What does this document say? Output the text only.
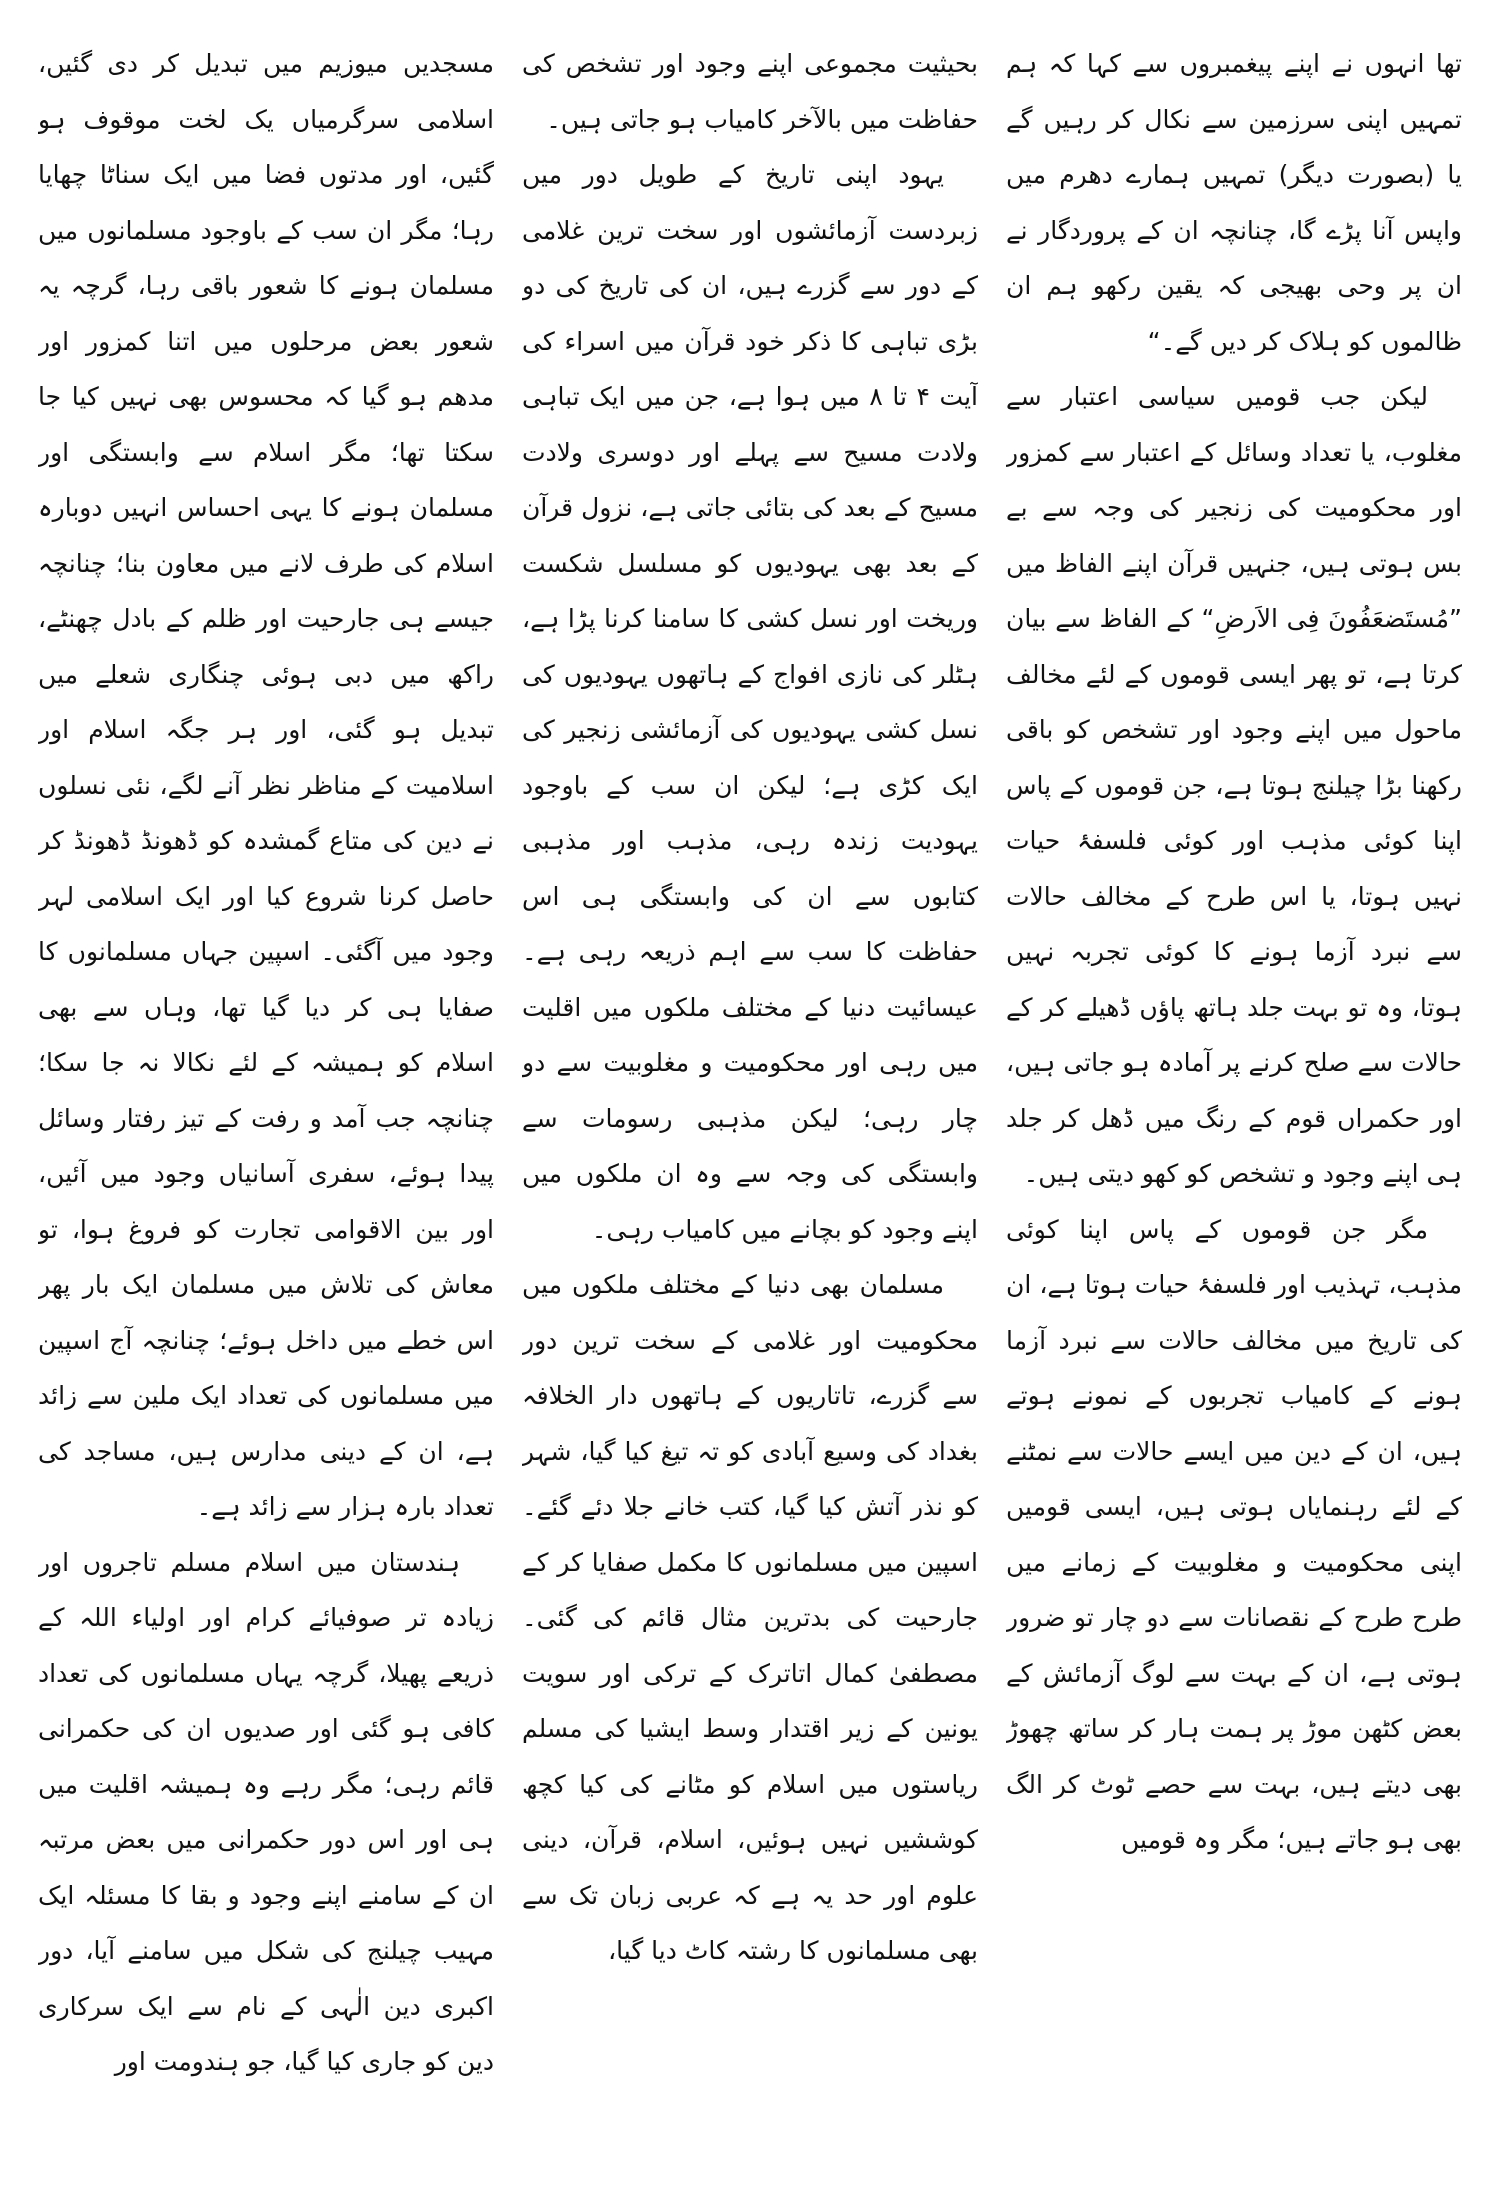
تھا انہوں نے اپنے پیغمبروں سے کہا کہ ہم تمہیں اپنی سرزمین سے نکال کر رہیں گے یا (بصورت دیگر) تمہیں ہمارے دھرم میں واپس آنا پڑے گا، چنانچہ ان کے پروردگار نے ان پر وحی بھیجی کہ یقین رکھو ہم ان ظالموں کو ہلاک کر دیں گے۔“

لیکن جب قومیں سیاسی اعتبار سے مغلوب، یا تعداد وسائل کے اعتبار سے کمزور اور محکومیت کی زنجیر کی وجہ سے بے بس ہوتی ہیں، جنہیں قرآن اپنے الفاظ میں ”مُستَضعَفُونَ فِی الاَرضِ“ کے الفاظ سے بیان کرتا ہے، تو پھر ایسی قوموں کے لئے مخالف ماحول میں اپنے وجود اور تشخص کو باقی رکھنا بڑا چیلنج ہوتا ہے، جن قوموں کے پاس اپنا کوئی مذہب اور کوئی فلسفۂ حیات نہیں ہوتا، یا اس طرح کے مخالف حالات سے نبرد آزما ہونے کا کوئی تجربہ نہیں ہوتا، وہ تو بہت جلد ہاتھ پاؤں ڈھیلے کر کے حالات سے صلح کرنے پر آمادہ ہو جاتی ہیں، اور حکمراں قوم کے رنگ میں ڈھل کر جلد ہی اپنے وجود و تشخص کو کھو دیتی ہیں۔

مگر جن قوموں کے پاس اپنا کوئی مذہب، تہذیب اور فلسفۂ حیات ہوتا ہے، ان کی تاریخ میں مخالف حالات سے نبرد آزما ہونے کے کامیاب تجربوں کے نمونے ہوتے ہیں، ان کے دین میں ایسے حالات سے نمٹنے کے لئے رہنمایاں ہوتی ہیں، ایسی قومیں اپنی محکومیت و مغلوبیت کے زمانے میں طرح طرح کے نقصانات سے دو چار تو ضرور ہوتی ہے، ان کے بہت سے لوگ آزمائش کے بعض کٹھن موڑ پر ہمت ہار کر ساتھ چھوڑ بھی دیتے ہیں، بہت سے حصے ٹوٹ کر الگ بھی ہو جاتے ہیں؛ مگر وہ قومیں

بحیثیت مجموعی اپنے وجود اور تشخص کی حفاظت میں بالآخر کامیاب ہو جاتی ہیں۔

یہود اپنی تاریخ کے طویل دور میں زبردست آزمائشوں اور سخت ترین غلامی کے دور سے گزرے ہیں، ان کی تاریخ کی دو بڑی تباہی کا ذکر خود قرآن میں اسراء کی آیت ۴ تا ۸ میں ہوا ہے، جن میں ایک تباہی ولادت مسیح سے پہلے اور دوسری ولادت مسیح کے بعد کی بتائی جاتی ہے، نزول قرآن کے بعد بھی یہودیوں کو مسلسل شکست وریخت اور نسل کشی کا سامنا کرنا پڑا ہے، ہٹلر کی نازی افواج کے ہاتھوں یہودیوں کی نسل کشی یہودیوں کی آزمائشی زنجیر کی ایک کڑی ہے؛ لیکن ان سب کے باوجود یہودیت زندہ رہی، مذہب اور مذہبی کتابوں سے ان کی وابستگی ہی اس حفاظت کا سب سے اہم ذریعہ رہی ہے۔ عیسائیت دنیا کے مختلف ملکوں میں اقلیت میں رہی اور محکومیت و مغلوبیت سے دو چار رہی؛ لیکن مذہبی رسومات سے وابستگی کی وجہ سے وہ ان ملکوں میں اپنے وجود کو بچانے میں کامیاب رہی۔

مسلمان بھی دنیا کے مختلف ملکوں میں محکومیت اور غلامی کے سخت ترین دور سے گزرے، تاتاریوں کے ہاتھوں دار الخلافہ بغداد کی وسیع آبادی کو تہ تیغ کیا گیا، شہر کو نذر آتش کیا گیا، کتب خانے جلا دئے گئے۔ اسپین میں مسلمانوں کا مکمل صفایا کر کے جارحیت کی بدترین مثال قائم کی گئی۔ مصطفیٰ کمال اتاترک کے ترکی اور سویت یونین کے زیر اقتدار وسط ایشیا کی مسلم ریاستوں میں اسلام کو مٹانے کی کیا کچھ کوششیں نہیں ہوئیں، اسلام، قرآن، دینی علوم اور حد یہ ہے کہ عربی زبان تک سے بھی مسلمانوں کا رشتہ کاٹ دیا گیا،

مسجدیں میوزیم میں تبدیل کر دی گئیں، اسلامی سرگرمیاں یک لخت موقوف ہو گئیں، اور مدتوں فضا میں ایک سناٹا چھایا رہا؛ مگر ان سب کے باوجود مسلمانوں میں مسلمان ہونے کا شعور باقی رہا، گرچہ یہ شعور بعض مرحلوں میں اتنا کمزور اور مدھم ہو گیا کہ محسوس بھی نہیں کیا جا سکتا تھا؛ مگر اسلام سے وابستگی اور مسلمان ہونے کا یہی احساس انہیں دوبارہ اسلام کی طرف لانے میں معاون بنا؛ چنانچہ جیسے ہی جارحیت اور ظلم کے بادل چھنٹے، راکھ میں دبی ہوئی چنگاری شعلے میں تبدیل ہو گئی، اور ہر جگہ اسلام اور اسلامیت کے مناظر نظر آنے لگے، نئی نسلوں نے دین کی متاع گمشدہ کو ڈھونڈ ڈھونڈ کر حاصل کرنا شروع کیا اور ایک اسلامی لہر وجود میں آگئی۔ اسپین جہاں مسلمانوں کا صفایا ہی کر دیا گیا تھا، وہاں سے بھی اسلام کو ہمیشہ کے لئے نکالا نہ جا سکا؛ چنانچہ جب آمد و رفت کے تیز رفتار وسائل پیدا ہوئے، سفری آسانیاں وجود میں آئیں، اور بین الاقوامی تجارت کو فروغ ہوا، تو معاش کی تلاش میں مسلمان ایک بار پھر اس خطے میں داخل ہوئے؛ چنانچہ آج اسپین میں مسلمانوں کی تعداد ایک ملین سے زائد ہے، ان کے دینی مدارس ہیں، مساجد کی تعداد بارہ ہزار سے زائد ہے۔

ہندستان میں اسلام مسلم تاجروں اور زیادہ تر صوفیائے کرام اور اولیاء اللہ کے ذریعے پھیلا، گرچہ یہاں مسلمانوں کی تعداد کافی ہو گئی اور صدیوں ان کی حکمرانی قائم رہی؛ مگر رہے وہ ہمیشہ اقلیت میں ہی اور اس دور حکمرانی میں بعض مرتبہ ان کے سامنے اپنے وجود و بقا کا مسئلہ ایک مہیب چیلنج کی شکل میں سامنے آیا، دور اکبری دین الٰہی کے نام سے ایک سرکاری دین کو جاری کیا گیا، جو ہندومت اور
